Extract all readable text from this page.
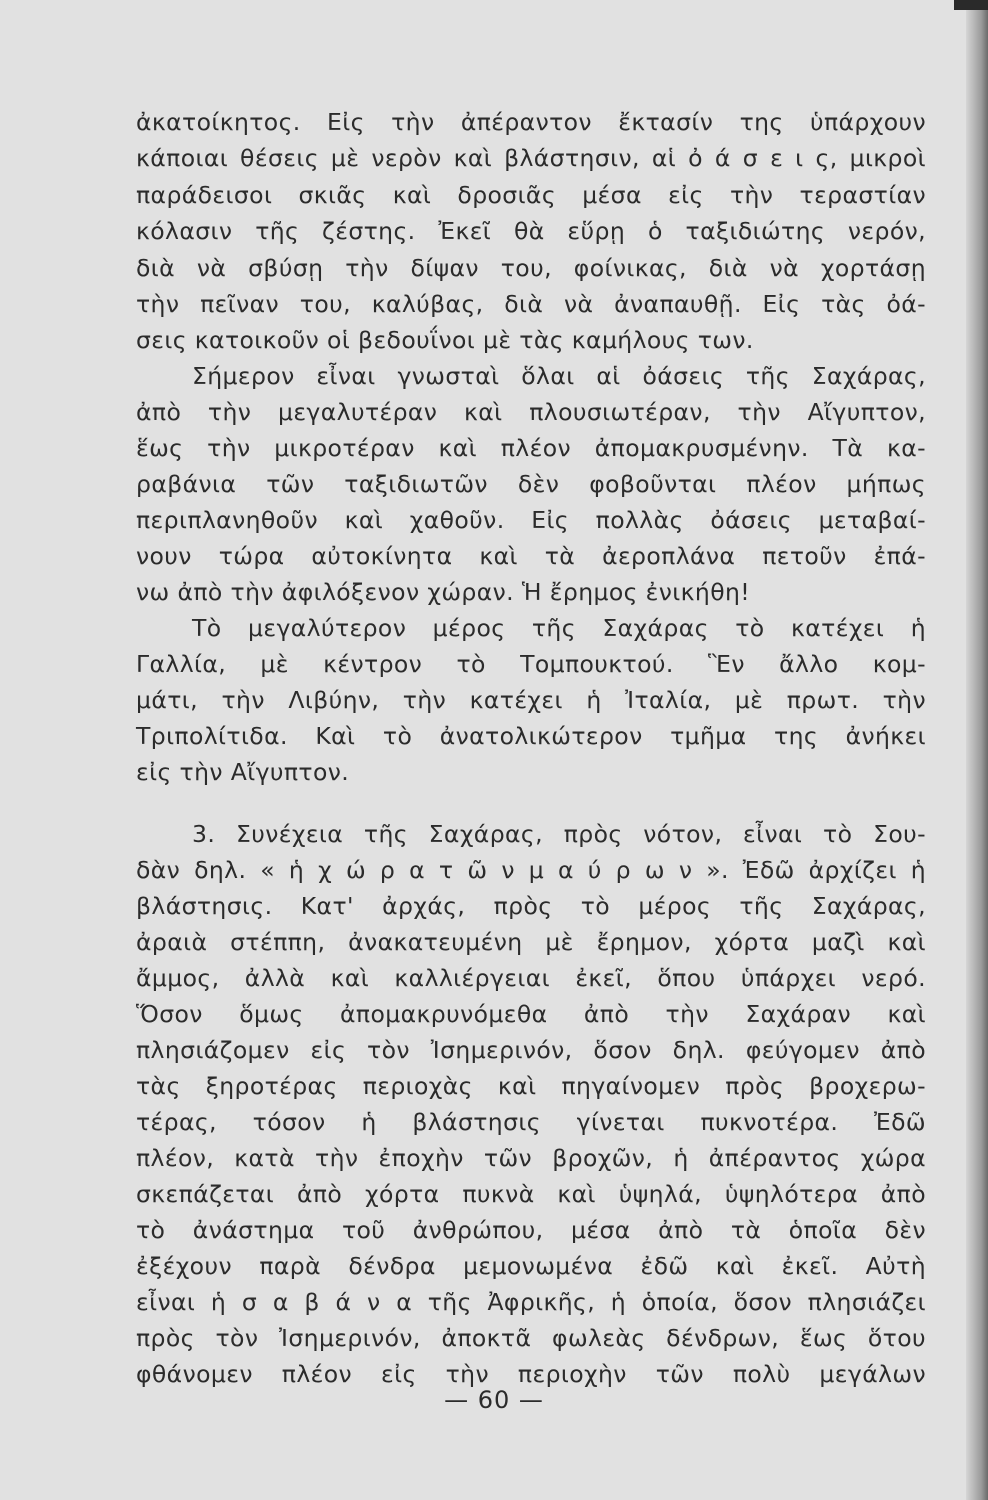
ἀκατοίκητος. Εἰς τὴν ἀπέραντον ἔκτασίν της ὑπάρχουν

κάποιαι θέσεις μὲ νερὸν καὶ βλάστησιν, αἱ ὀ ά σ ε ι ς, μικροὶ

παράδεισοι σκιᾶς καὶ δροσιᾶς μέσα εἰς τὴν τεραστίαν

κόλασιν τῆς ζέστης. Ἐκεῖ θὰ εὕρῃ ὁ ταξιδιώτης νερόν,

διὰ νὰ σβύσῃ τὴν δίψαν του, φοίνικας, διὰ νὰ χορτάσῃ

τὴν πεῖναν του, καλύβας, διὰ νὰ ἀναπαυθῇ. Εἰς τὰς ὀά-

σεις κατοικοῦν οἱ βεδουΐνοι μὲ τὰς καμήλους των.

Σήμερον εἶναι γνωσταὶ ὅλαι αἱ ὀάσεις τῆς Σαχάρας,

ἀπὸ τὴν μεγαλυτέραν καὶ πλουσιωτέραν, τὴν Αἴγυπτον,

ἕως τὴν μικροτέραν καὶ πλέον ἀπομακρυσμένην. Τὰ κα-

ραβάνια τῶν ταξιδιωτῶν δὲν φοβοῦνται πλέον μήπως

περιπλανηθοῦν καὶ χαθοῦν. Εἰς πολλὰς ὀάσεις μεταβαί-

νουν τώρα αὐτοκίνητα καὶ τὰ ἀεροπλάνα πετοῦν ἐπά-

νω ἀπὸ τὴν ἀφιλόξενον χώραν. Ἡ ἔρημος ἐνικήθη!

Τὸ μεγαλύτερον μέρος τῆς Σαχάρας τὸ κατέχει ἡ

Γαλλία, μὲ κέντρον τὸ Τομπουκτού. Ἓν ἄλλο κομ-

μάτι, τὴν Λιβύην, τὴν κατέχει ἡ Ἰταλία, μὲ πρωτ. τὴν

Τριπολίτιδα. Καὶ τὸ ἀνατολικώτερον τμῆμα της ἀνήκει

εἰς τὴν Αἴγυπτον.

3. Συνέχεια τῆς Σαχάρας, πρὸς νότον, εἶναι τὸ Σου-

δὰν δηλ. « ἡ χ ώ ρ α τ ῶ ν μ α ύ ρ ω ν ». Ἐδῶ ἀρχίζει ἡ

βλάστησις. Κατ' ἀρχάς, πρὸς τὸ μέρος τῆς Σαχάρας,

ἀραιὰ στέππη, ἀνακατευμένη μὲ ἔρημον, χόρτα μαζὶ καὶ

ἄμμος, ἀλλὰ καὶ καλλιέργειαι ἐκεῖ, ὅπου ὑπάρχει νερό.

Ὅσον ὅμως ἀπομακρυνόμεθα ἀπὸ τὴν Σαχάραν καὶ

πλησιάζομεν εἰς τὸν Ἰσημερινόν, ὅσον δηλ. φεύγομεν ἀπὸ

τὰς ξηροτέρας περιοχὰς καὶ πηγαίνομεν πρὸς βροχερω-

τέρας, τόσον ἡ βλάστησις γίνεται πυκνοτέρα. Ἐδῶ

πλέον, κατὰ τὴν ἐποχὴν τῶν βροχῶν, ἡ ἀπέραντος χώρα

σκεπάζεται ἀπὸ χόρτα πυκνὰ καὶ ὑψηλά, ὑψηλότερα ἀπὸ

τὸ ἀνάστημα τοῦ ἀνθρώπου, μέσα ἀπὸ τὰ ὁποῖα δὲν

ἐξέχουν παρὰ δένδρα μεμονωμένα ἐδῶ καὶ ἐκεῖ. Αὐτὴ

εἶναι ἡ σ α β ά ν α τῆς Ἀφρικῆς, ἡ ὁποία, ὅσον πλησιάζει

πρὸς τὸν Ἰσημερινόν, ἀποκτᾶ φωλεὰς δένδρων, ἕως ὅτου

φθάνομεν πλέον εἰς τὴν περιοχὴν τῶν πολὺ μεγάλων

— 60 —
